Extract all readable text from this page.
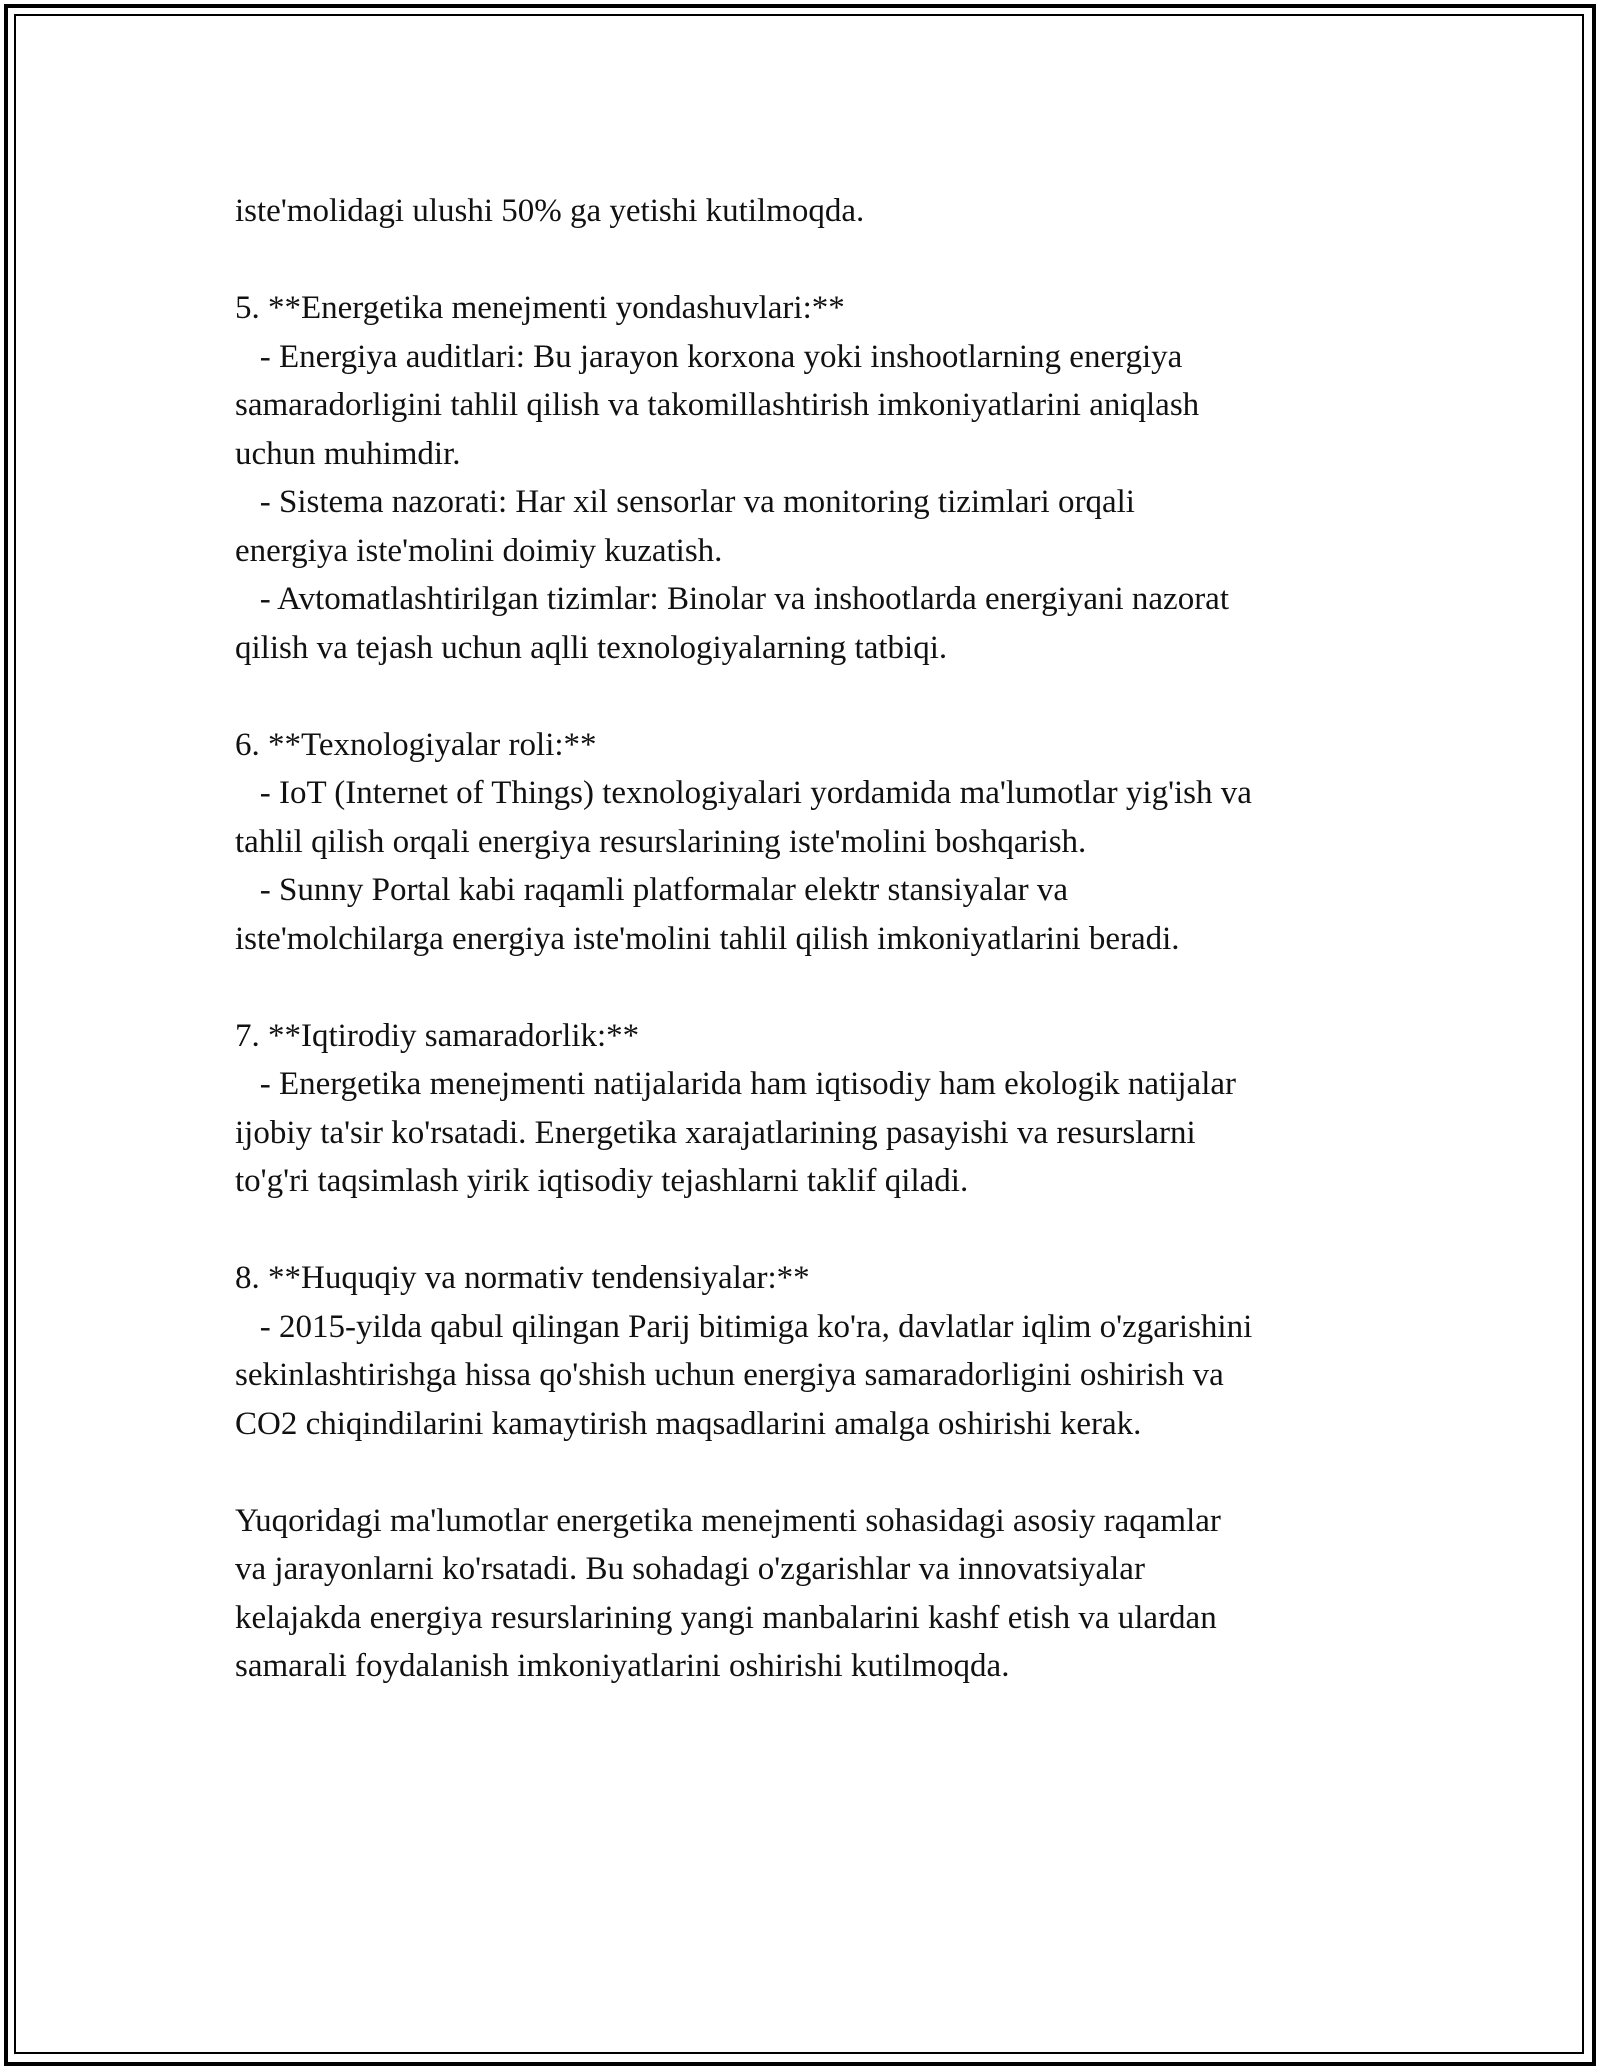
iste'molidagi ulushi 50% ga yetishi kutilmoqda.
5. **Energetika menejmenti yondashuvlari:**
- Energiya auditlari: Bu jarayon korxona yoki inshootlarning energiya
samaradorligini tahlil qilish va takomillashtirish imkoniyatlarini aniqlash
uchun muhimdir.
- Sistema nazorati: Har xil sensorlar va monitoring tizimlari orqali
energiya iste'molini doimiy kuzatish.
- Avtomatlashtirilgan tizimlar: Binolar va inshootlarda energiyani nazorat
qilish va tejash uchun aqlli texnologiyalarning tatbiqi.
6. **Texnologiyalar roli:**
- IoT (Internet of Things) texnologiyalari yordamida ma'lumotlar yig'ish va
tahlil qilish orqali energiya resurslarining iste'molini boshqarish.
- Sunny Portal kabi raqamli platformalar elektr stansiyalar va
iste'molchilarga energiya iste'molini tahlil qilish imkoniyatlarini beradi.
7. **Iqtirodiy samaradorlik:**
- Energetika menejmenti natijalarida ham iqtisodiy ham ekologik natijalar
ijobiy ta'sir ko'rsatadi. Energetika xarajatlarining pasayishi va resurslarni
to'g'ri taqsimlash yirik iqtisodiy tejashlarni taklif qiladi.
8. **Huquqiy va normativ tendensiyalar:**
- 2015-yilda qabul qilingan Parij bitimiga ko'ra, davlatlar iqlim o'zgarishini
sekinlashtirishga hissa qo'shish uchun energiya samaradorligini oshirish va
CO2 chiqindilarini kamaytirish maqsadlarini amalga oshirishi kerak.
Yuqoridagi ma'lumotlar energetika menejmenti sohasidagi asosiy raqamlar
va jarayonlarni ko'rsatadi. Bu sohadagi o'zgarishlar va innovatsiyalar
kelajakda energiya resurslarining yangi manbalarini kashf etish va ulardan
samarali foydalanish imkoniyatlarini oshirishi kutilmoqda.
